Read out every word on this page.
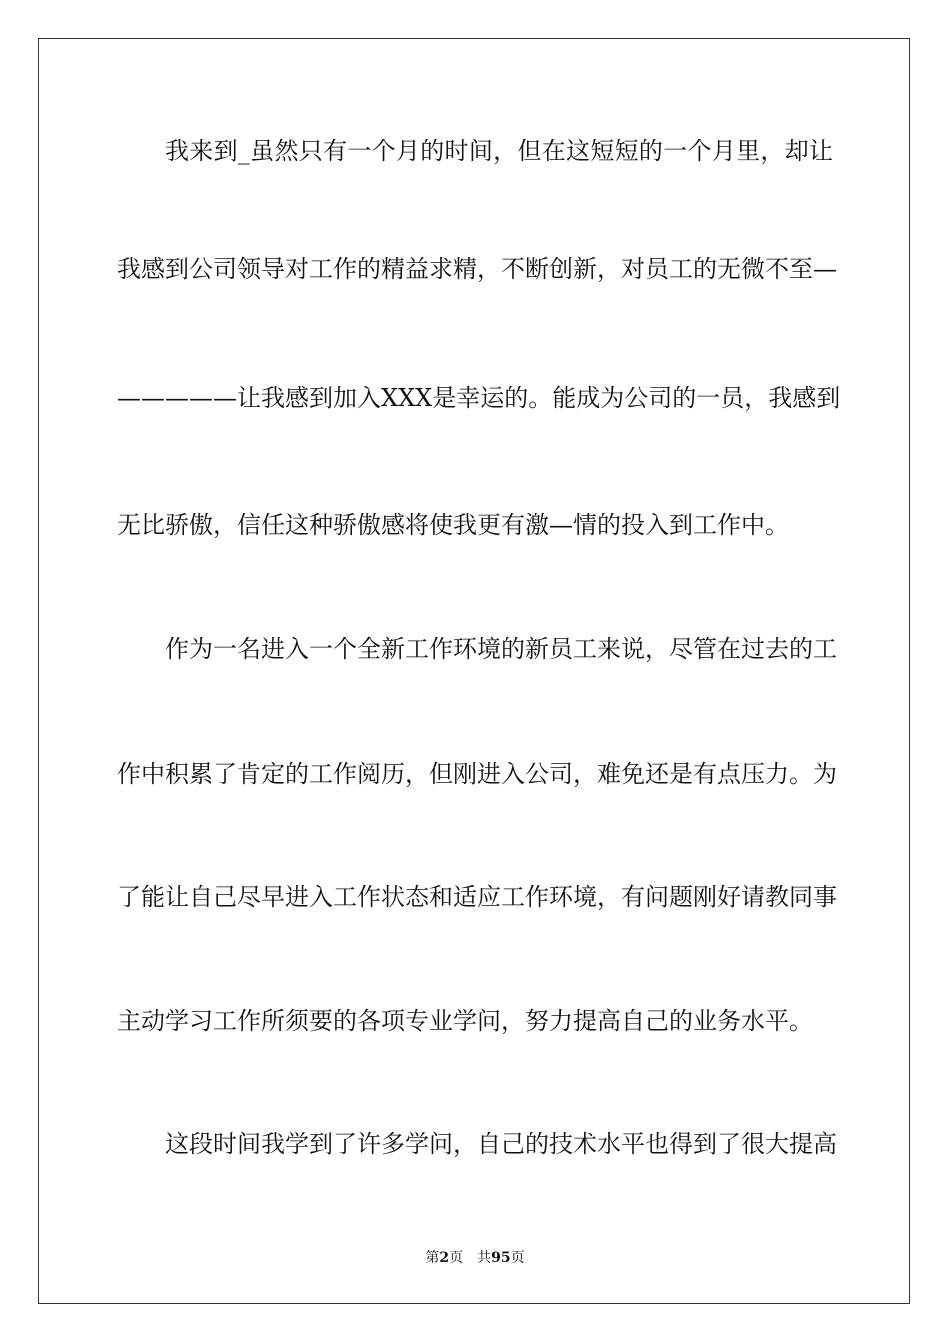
我来到_虽然只有一个月的时间，但在这短短的一个月里，却让
我感到公司领导对工作的精益求精，不断创新，对员工的无微不至—
—————让我感到加入XXX是幸运的。能成为公司的一员，我感到
无比骄傲，信任这种骄傲感将使我更有激—情的投入到工作中。
作为一名进入一个全新工作环境的新员工来说，尽管在过去的工
作中积累了肯定的工作阅历，但刚进入公司，难免还是有点压力。为
了能让自己尽早进入工作状态和适应工作环境，有问题刚好请教同事
主动学习工作所须要的各项专业学问，努力提高自己的业务水平。
这段时间我学到了许多学问，自己的技术水平也得到了很大提高
第2页 共95页
